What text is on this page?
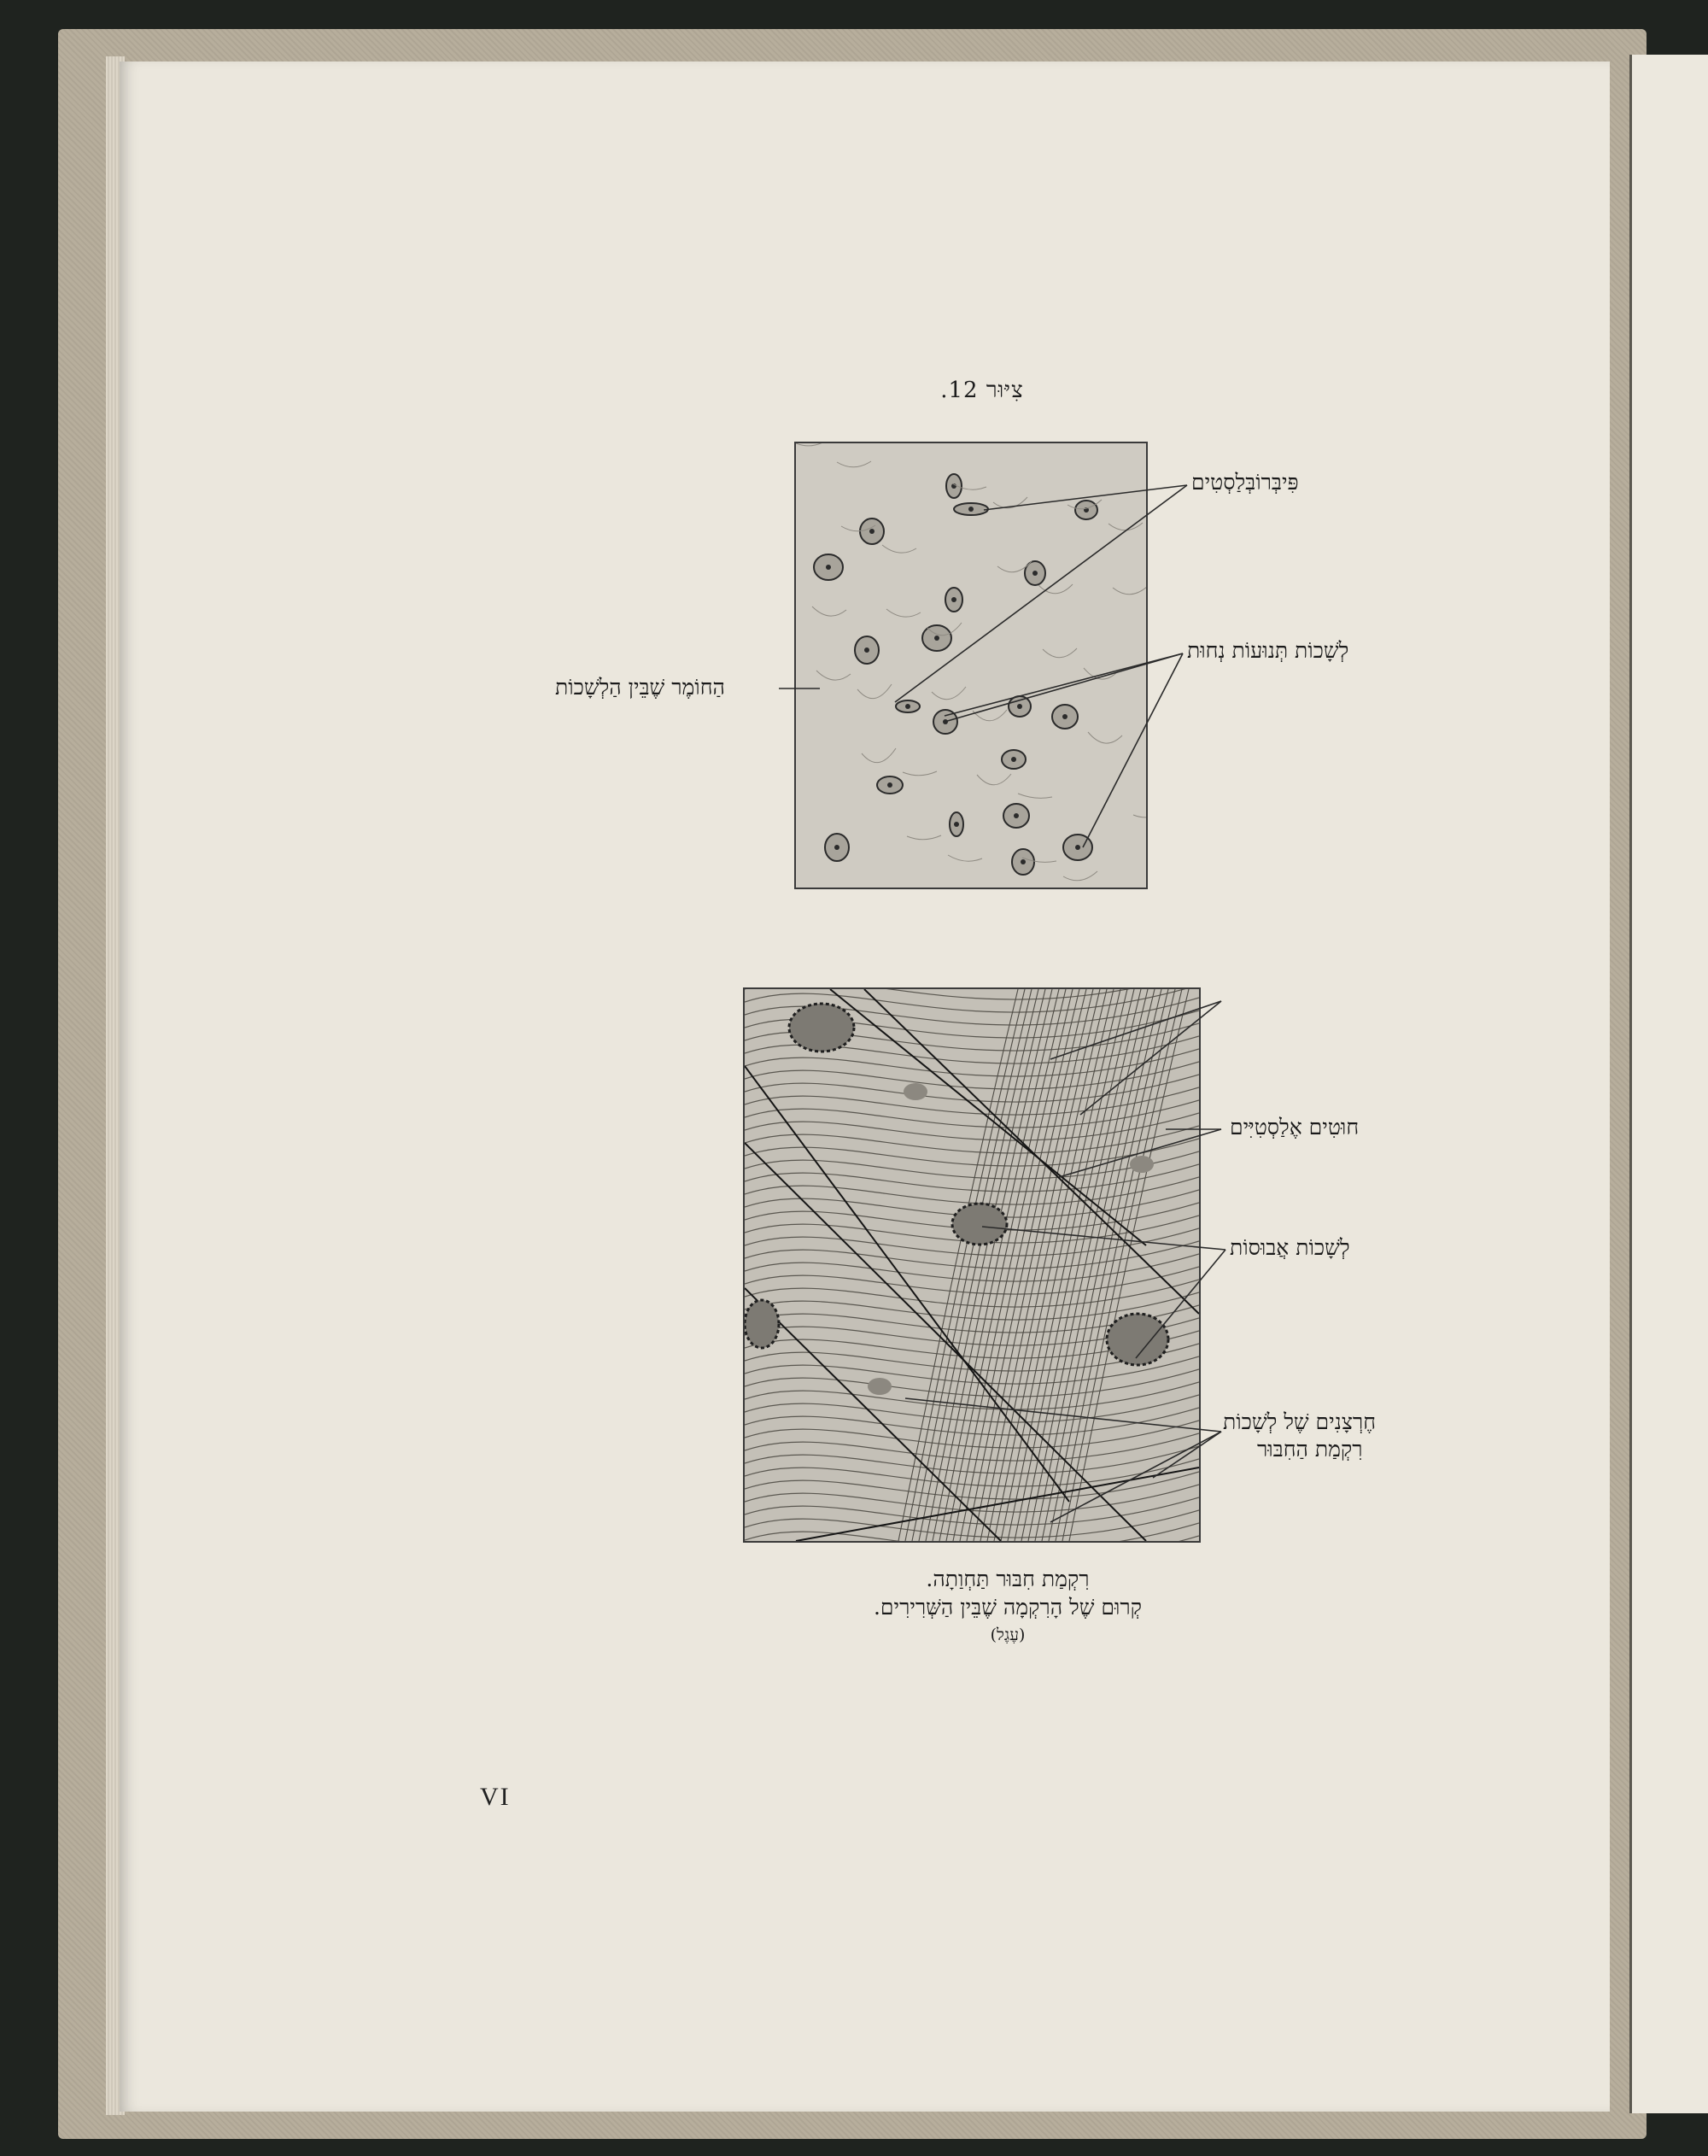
צִיּוּר 12.
פִּיבְּרוֹבְּלַסְטִים
לְשָׁכוֹת תְּנוּעוֹת נְחוּת
הַחוֹמֶר שֶׁבֵּין הַלְשָׁכוֹת
חוּטִים אֶלַסְטִיִּים
לְשָׁכוֹת אֲבוּסוֹת
חֶרְצָנִים שֶׁל לְשָׁכוֹת
רִקְמַת הַחִבּוּר
רִקְמַת חִבּוּר תַּחְוַתָה.
קְרוּם שֶׁל הָרִקְמָה שֶׁבֵּין הַשְּׁרִירִים.
(עֶגֶל)
VI
